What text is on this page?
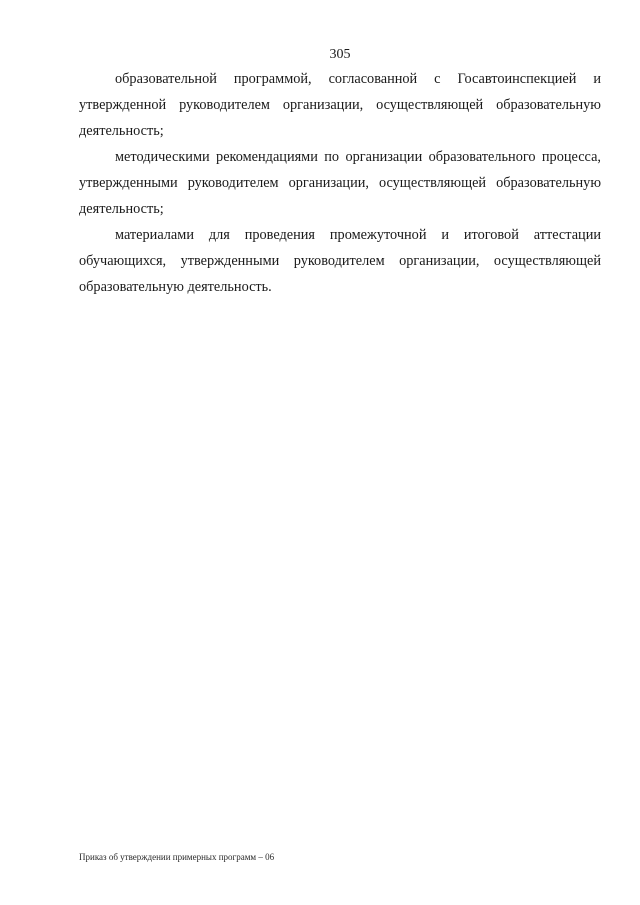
305

образовательной программой, согласованной с Госавтоинспекцией и утвержденной руководителем организации, осуществляющей образовательную деятельность;

методическими рекомендациями по организации образовательного процесса, утвержденными руководителем организации, осуществляющей образовательную деятельность;

материалами для проведения промежуточной и итоговой аттестации обучающихся, утвержденными руководителем организации, осуществляющей образовательную деятельность.

Приказ об утверждении примерных программ – 06
